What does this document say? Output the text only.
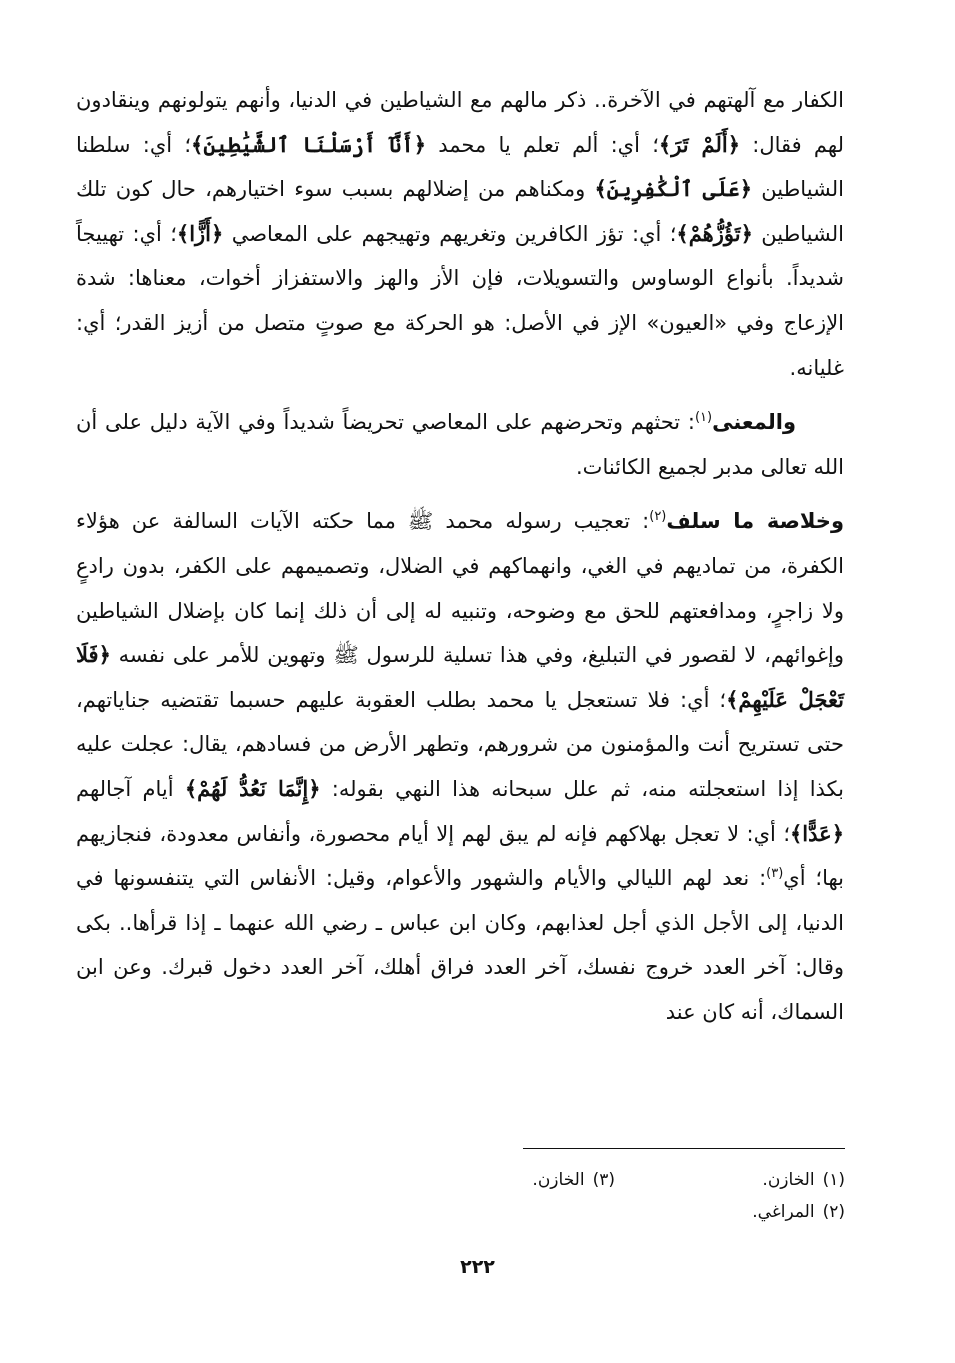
الكفار مع آلهتهم في الآخرة.. ذكر مالهم مع الشياطين في الدنيا، وأنهم يتولونهم وينقادون لهم فقال: ﴿أَلَمْ تَرَ﴾؛ أي: ألم تعلم يا محمد ﴿أَنَّآ أَرْسَلْنَا ٱلشَّيَٰطِينَ﴾؛ أي: سلطنا الشياطين ﴿عَلَى ٱلْكَٰفِرِينَ﴾ ومكناهم من إضلالهم بسبب سوء اختيارهم، حال كون تلك الشياطين ﴿تَؤُزُّهُمْ﴾؛ أي: تؤز الكافرين وتغريهم وتهيجهم على المعاصي ﴿أَزًّا﴾؛ أي: تهييجاً شديداً. بأنواع الوساوس والتسويلات، فإن الأز والهز والاستفزاز أخوات، معناها: شدة الإزعاج وفي «العيون» الإز في الأصل: هو الحركة مع صوتٍ متصل من أزيز القدر؛ أي: غليانه.

والمعنى$^{(١)}$: تحثهم وتحرضهم على المعاصي تحريضاً شديداً وفي الآية دليل على أن الله تعالى مدبر لجميع الكائنات.

وخلاصة ما سلف$^{(٢)}$: تعجيب رسوله محمد ﷺ مما حكته الآيات السالفة عن هؤلاء الكفرة، من تماديهم في الغي، وانهماكهم في الضلال، وتصميمهم على الكفر، بدون رادعٍ ولا زاجرٍ، ومدافعتهم للحق مع وضوحه، وتنبيه له إلى أن ذلك إنما كان بإضلال الشياطين وإغوائهم، لا لقصور في التبليغ، وفي هذا تسلية للرسول ﷺ وتهوين للأمر على نفسه ﴿فَلَا تَعْجَلْ عَلَيْهِمْ﴾؛ أي: فلا تستعجل يا محمد بطلب العقوبة عليهم حسبما تقتضيه جناياتهم، حتى تستريح أنت والمؤمنون من شرورهم، وتطهر الأرض من فسادهم، يقال: عجلت عليه بكذا إذا استعجلته منه، ثم علل سبحانه هذا النهي بقوله: ﴿إِنَّمَا نَعُدُّ لَهُمْ﴾ أيام آجالهم ﴿عَدًّا﴾؛ أي: لا تعجل بهلاكهم فإنه لم يبق لهم إلا أيام محصورة، وأنفاس معدودة، فنجازيهم بها؛ أي$^{(٣)}$: نعد لهم الليالي والأيام والشهور والأعوام، وقيل: الأنفاس التي يتنفسونها في الدنيا، إلى الأجل الذي أجل لعذابهم، وكان ابن عباس ـ رضي الله عنهما ـ إذا قرأها.. بكى وقال: آخر العدد خروج نفسك، آخر العدد فراق أهلك، آخر العدد دخول قبرك. وعن ابن السماك، أنه كان عند

(١)الخازن.
(٣)الخازن.
(٢)المراغي.
٢٢٢
